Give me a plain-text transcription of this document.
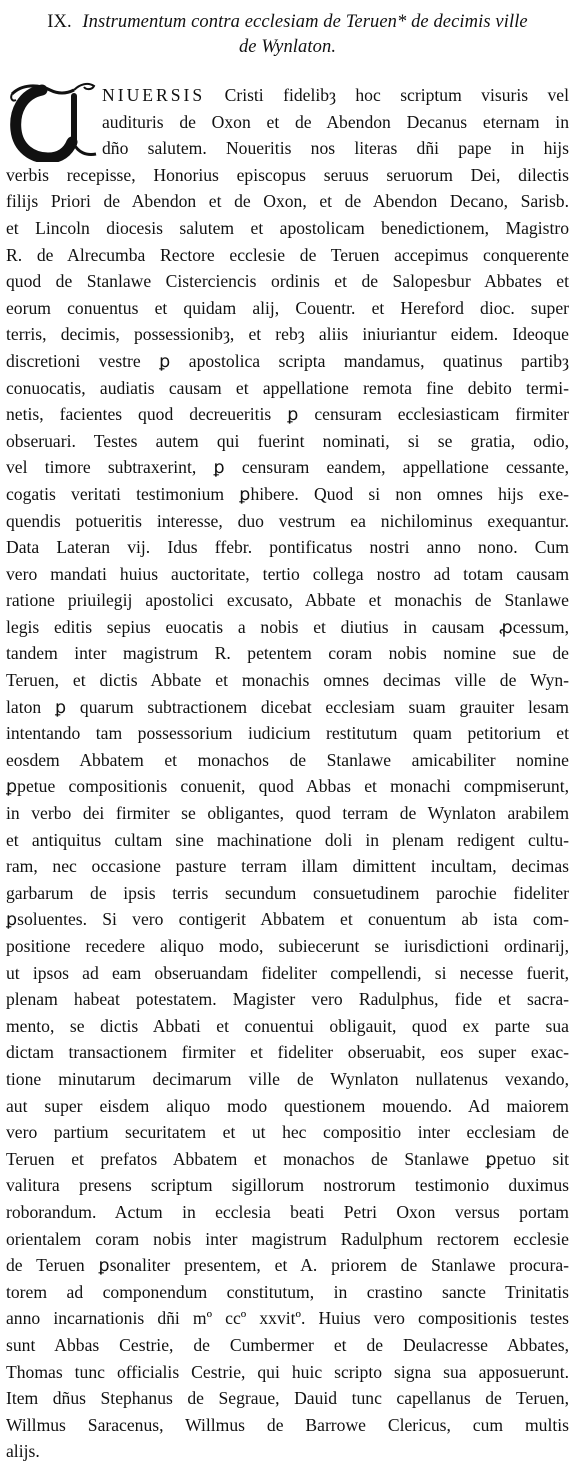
IX. Instrumentum contra ecclesiam de Teruen* de decimis ville
de Wynlaton.
NIUERSIS Cristi fidelibȝ hoc scriptum visuris vel
audituris de Oxon et de Abendon Decanus eternam in
dño salutem. Noueritis nos literas dñi pape in hijs
verbis recepisse, Honorius episcopus seruus seruorum Dei, dilectis
filijs Priori de Abendon et de Oxon, et de Abendon Decano, Sarisb.
et Lincoln diocesis salutem et apostolicam benedictionem, Magistro
R. de Alrecumba Rectore ecclesie de Teruen accepimus conquerente
quod de Stanlawe Cisterciencis ordinis et de Salopesbur Abbates et
eorum conuentus et quidam alij, Couentr. et Hereford dioc. super
terris, decimis, possessionibȝ, et rebȝ aliis iniuriantur eidem. Ideoque
discretioni vestre ꝑ apostolica scripta mandamus, quatinus partibȝ
conuocatis, audiatis causam et appellatione remota fine debito termi-
netis, facientes quod decreueritis ꝑ censuram ecclesiasticam firmiter
obseruari. Testes autem qui fuerint nominati, si se gratia, odio,
vel timore subtraxerint, ꝑ censuram eandem, appellatione cessante,
cogatis veritati testimonium ꝑhibere. Quod si non omnes hijs exe-
quendis potueritis interesse, duo vestrum ea nichilominus exequantur.
Data Lateran vij. Idus ffebr. pontificatus nostri anno nono. Cum
vero mandati huius auctoritate, tertio collega nostro ad totam causam
ratione priuilegij apostolici excusato, Abbate et monachis de Stanlawe
legis editis sepius euocatis a nobis et diutius in causam ꝓcessum,
tandem inter magistrum R. petentem coram nobis nomine sue de
Teruen, et dictis Abbate et monachis omnes decimas ville de Wyn-
laton ꝑ quarum subtractionem dicebat ecclesiam suam grauiter lesam
intentando tam possessorium iudicium restitutum quam petitorium et
eosdem Abbatem et monachos de Stanlawe amicabiliter nomine
ꝑpetue compositionis conuenit, quod Abbas et monachi compmiserunt,
in verbo dei firmiter se obligantes, quod terram de Wynlaton arabilem
et antiquitus cultam sine machinatione doli in plenam redigent cultu-
ram, nec occasione pasture terram illam dimittent incultam, decimas
garbarum de ipsis terris secundum consuetudinem parochie fideliter
ꝑsoluentes. Si vero contigerit Abbatem et conuentum ab ista com-
positione recedere aliquo modo, subiecerunt se iurisdictioni ordinarij,
ut ipsos ad eam obseruandam fideliter compellendi, si necesse fuerit,
plenam habeat potestatem. Magister vero Radulphus, fide et sacra-
mento, se dictis Abbati et conuentui obligauit, quod ex parte sua
dictam transactionem firmiter et fideliter obseruabit, eos super exac-
tione minutarum decimarum ville de Wynlaton nullatenus vexando,
aut super eisdem aliquo modo questionem mouendo. Ad maiorem
vero partium securitatem et ut hec compositio inter ecclesiam de
Teruen et prefatos Abbatem et monachos de Stanlawe ꝑpetuo sit
valitura presens scriptum sigillorum nostrorum testimonio duximus
roborandum. Actum in ecclesia beati Petri Oxon versus portam
orientalem coram nobis inter magistrum Radulphum rectorem ecclesie
de Teruen ꝑsonaliter presentem, et A. priorem de Stanlawe procura-
torem ad componendum constitutum, in crastino sancte Trinitatis
anno incarnationis dñi mº ccº xxvitº. Huius vero compositionis testes
sunt Abbas Cestrie, de Cumbermer et de Deulacresse Abbates,
Thomas tunc officialis Cestrie, qui huic scripto signa sua apposuerunt.
Item dñus Stephanus de Segraue, Dauid tunc capellanus de Teruen,
Willmus Saracenus, Willmus de Barrowe Clericus, cum multis
alijs.
